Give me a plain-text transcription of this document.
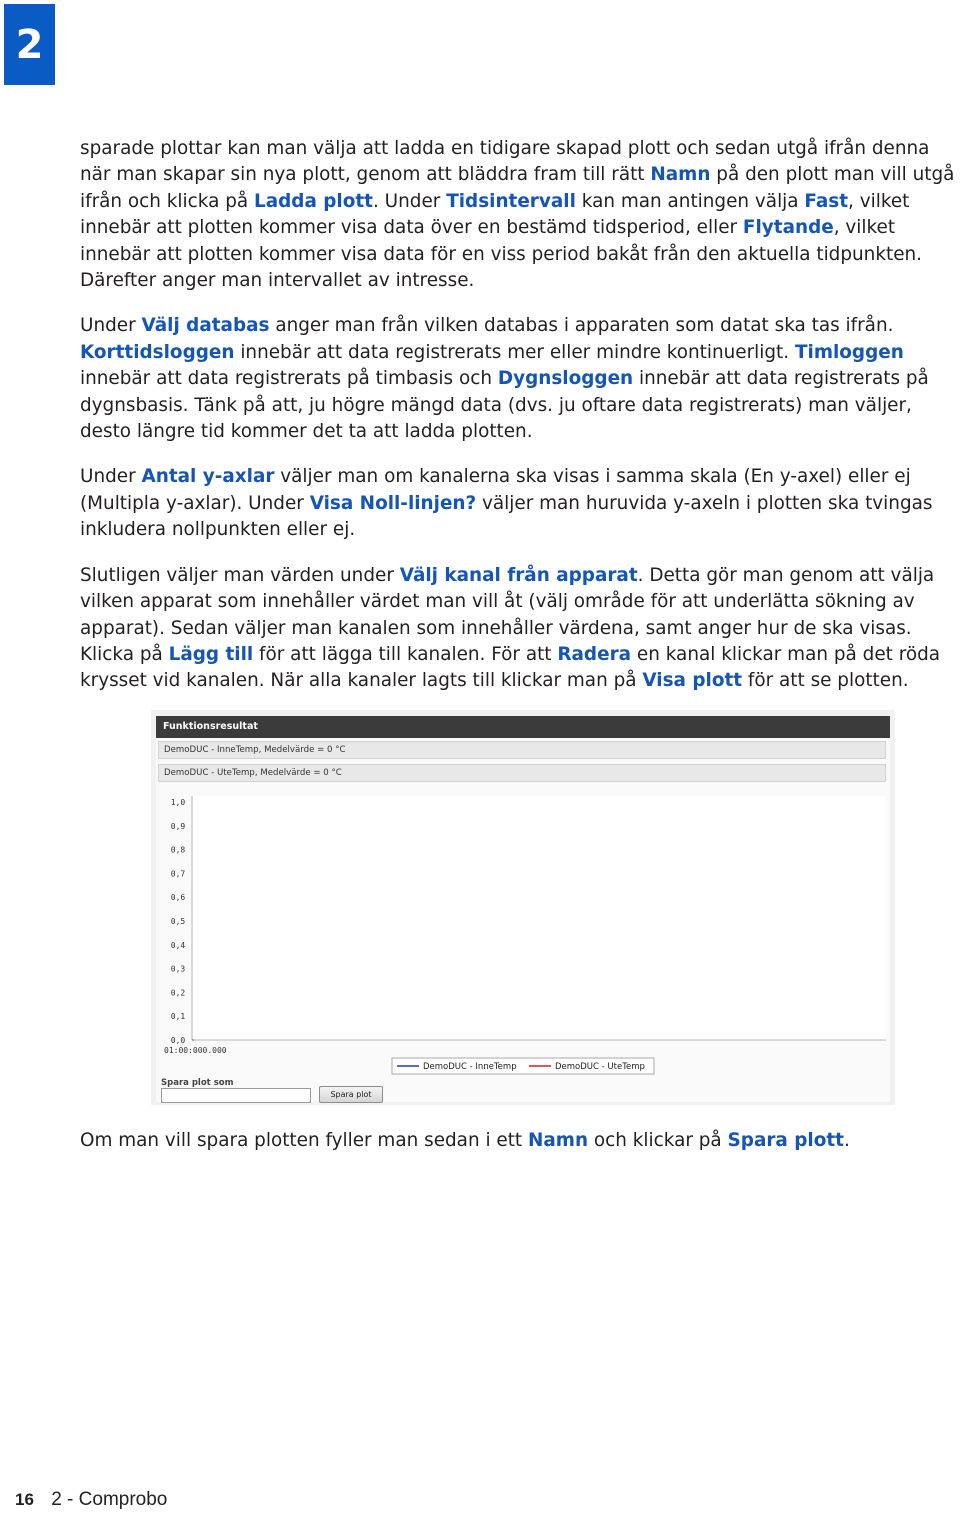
2

sparade plottar kan man välja att ladda en tidigare skapad plott och sedan utgå ifrån denna när man skapar sin nya plott, genom att bläddra fram till rätt Namn på den plott man vill utgå ifrån och klicka på Ladda plott. Under Tidsintervall kan man antingen välja Fast, vilket innebär att plotten kommer visa data över en bestämd tidsperiod, eller Flytande, vilket innebär att plotten kommer visa data för en viss period bakåt från den aktuella tidpunkten. Därefter anger man intervallet av intresse.

Under Välj databas anger man från vilken databas i apparaten som datat ska tas ifrån. Korttidsloggen innebär att data registrerats mer eller mindre kontinuerligt. Timloggen innebär att data registrerats på timbasis och Dygnsloggen innebär att data registrerats på dygnsbasis. Tänk på att, ju högre mängd data (dvs. ju oftare data registrerats) man väljer, desto längre tid kommer det ta att ladda plotten.

Under Antal y-axlar väljer man om kanalerna ska visas i samma skala (En y-axel) eller ej (Multipla y-axlar). Under Visa Noll-linjen? väljer man huruvida y-axeln i plotten ska tvingas inkludera nollpunkten eller ej.

Slutligen väljer man värden under Välj kanal från apparat. Detta gör man genom att välja vilken apparat som innehåller värdet man vill åt (välj område för att underlätta sökning av apparat). Sedan väljer man kanalen som innehåller värdena, samt anger hur de ska visas. Klicka på Lägg till för att lägga till kanalen. För att Radera en kanal klickar man på det röda krysset vid kanalen. När alla kanaler lagts till klickar man på Visa plott för att se plotten.

Funktionsresultat
DemoDUC - InneTemp, Medelvärde = 0 °C
DemoDUC - UteTemp, Medelvärde = 0 °C
1,0
0,9
0,8
0,7
0,6
0,5
0,4
0,3
0,2
0,1
0,0
01:00:000.000
DemoDUC - InneTemp	DemoDUC - UteTemp
Spara plot som
Spara plot

Om man vill spara plotten fyller man sedan i ett Namn och klickar på Spara plott.

16 2 - Comprobo
